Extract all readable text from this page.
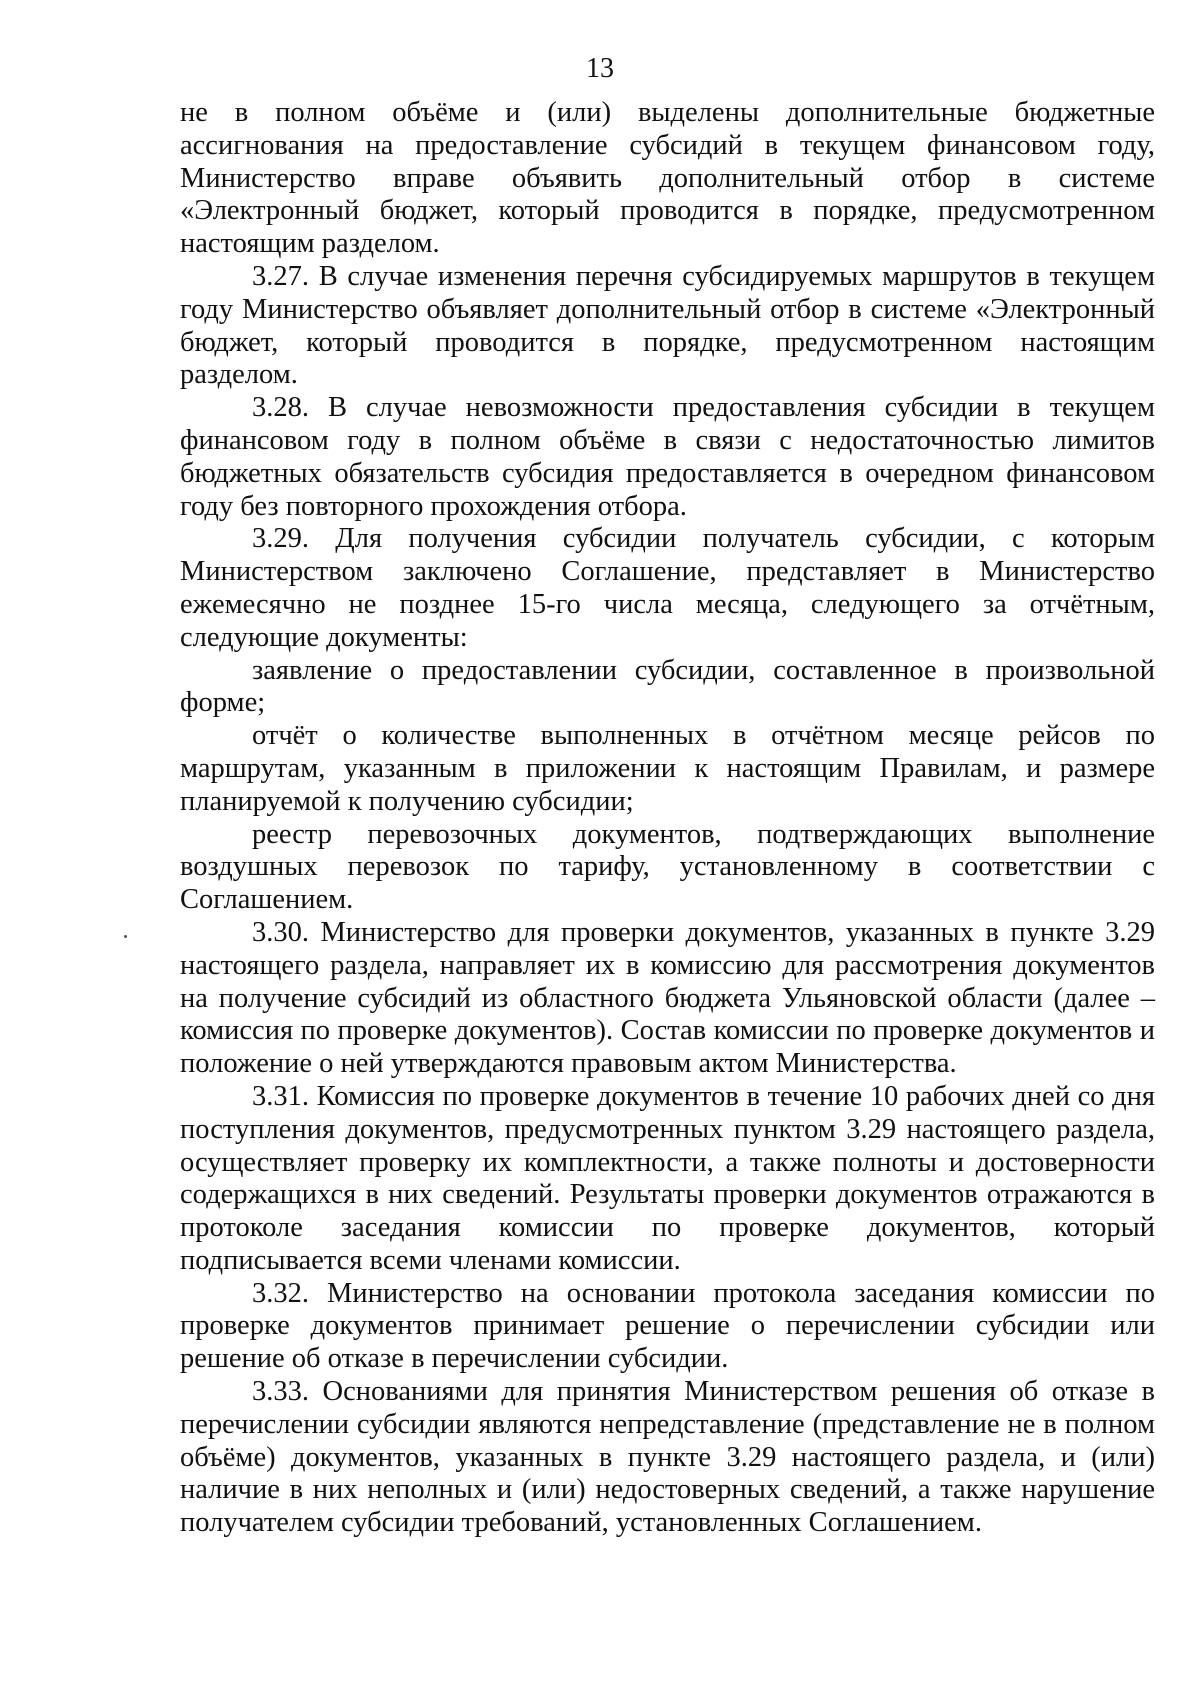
13

не в полном объёме и (или) выделены дополнительные бюджетные ассигнования на предоставление субсидий в текущем финансовом году, Министерство вправе объявить дополнительный отбор в системе «Электронный бюджет, который проводится в порядке, предусмотренном настоящим разделом.

3.27. В случае изменения перечня субсидируемых маршрутов в текущем году Министерство объявляет дополнительный отбор в системе «Электронный бюджет, который проводится в порядке, предусмотренном настоящим разделом.

3.28. В случае невозможности предоставления субсидии в текущем финансовом году в полном объёме в связи с недостаточностью лимитов бюджетных обязательств субсидия предоставляется в очередном финансовом году без повторного прохождения отбора.

3.29. Для получения субсидии получатель субсидии, с которым Министерством заключено Соглашение, представляет в Министерство ежемесячно не позднее 15-го числа месяца, следующего за отчётным, следующие документы:

заявление о предоставлении субсидии, составленное в произвольной форме;

отчёт о количестве выполненных в отчётном месяце рейсов по маршрутам, указанным в приложении к настоящим Правилам, и размере планируемой к получению субсидии;

реестр перевозочных документов, подтверждающих выполнение воздушных перевозок по тарифу, установленному в соответствии с Соглашением.

3.30. Министерство для проверки документов, указанных в пункте 3.29 настоящего раздела, направляет их в комиссию для рассмотрения документов на получение субсидий из областного бюджета Ульяновской области (далее – комиссия по проверке документов). Состав комиссии по проверке документов и положение о ней утверждаются правовым актом Министерства.

3.31. Комиссия по проверке документов в течение 10 рабочих дней со дня поступления документов, предусмотренных пунктом 3.29 настоящего раздела, осуществляет проверку их комплектности, а также полноты и достоверности содержащихся в них сведений. Результаты проверки документов отражаются в протоколе заседания комиссии по проверке документов, который подписывается всеми членами комиссии.

3.32. Министерство на основании протокола заседания комиссии по проверке документов принимает решение о перечислении субсидии или решение об отказе в перечислении субсидии.

3.33. Основаниями для принятия Министерством решения об отказе в перечислении субсидии являются непредставление (представление не в полном объёме) документов, указанных в пункте 3.29 настоящего раздела, и (или) наличие в них неполных и (или) недостоверных сведений, а также нарушение получателем субсидии требований, установленных Соглашением.
